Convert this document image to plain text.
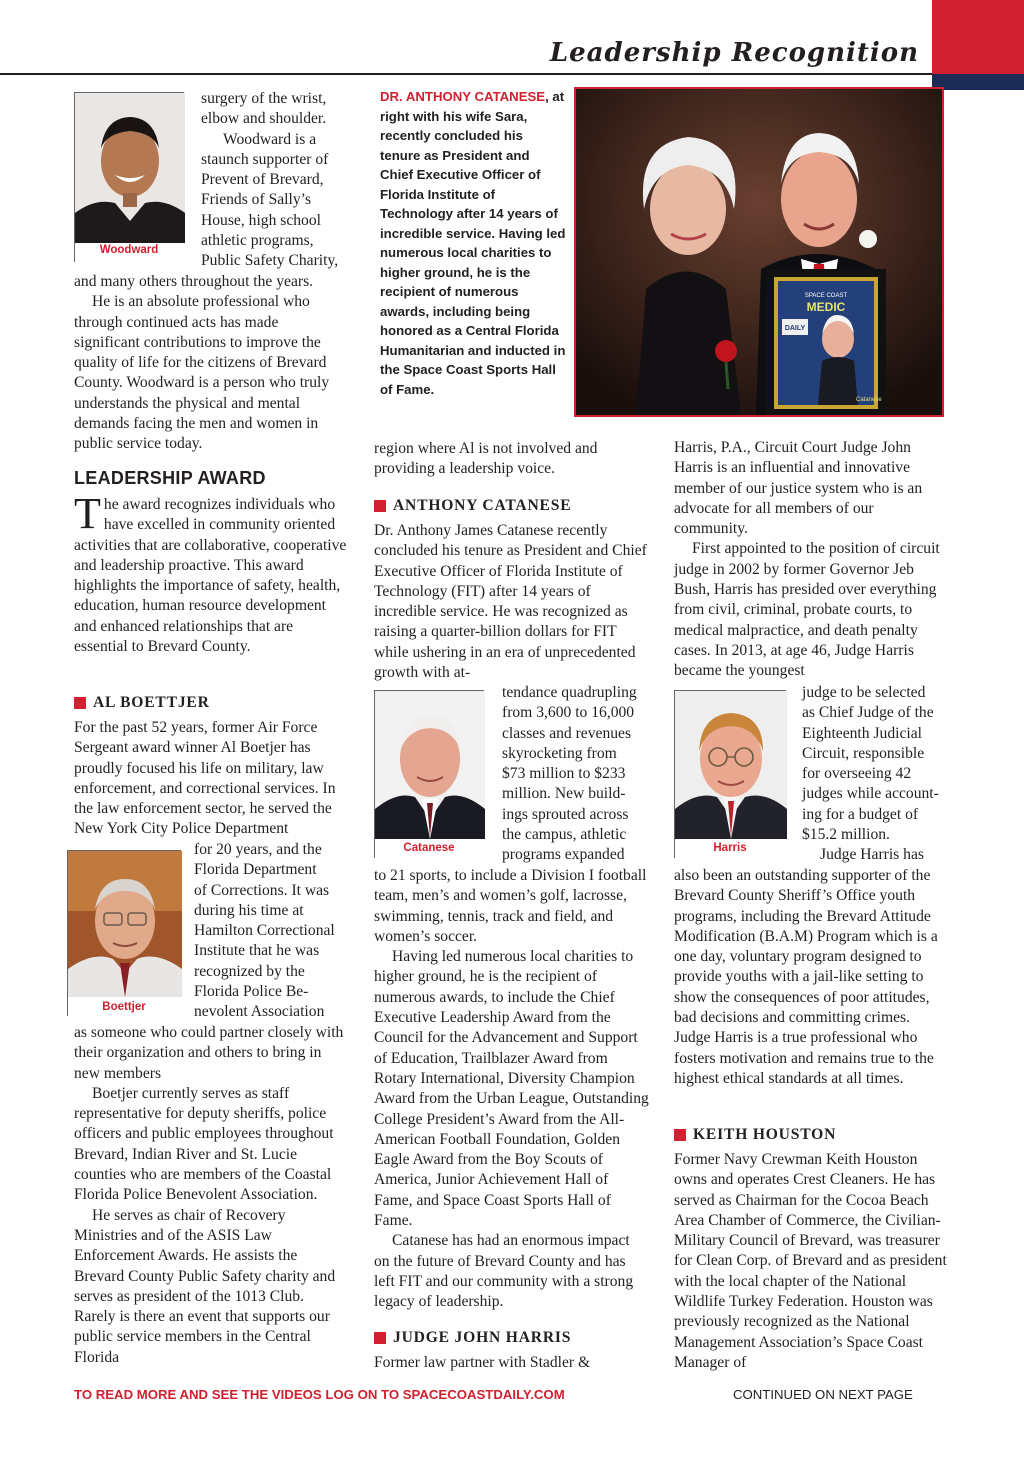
Leadership Recognition
Woodward

surgery of the wrist,

elbow and shoulder.

Woodward is a

staunch supporter of

Prevent of Brevard,

Friends of Sally’s

House, high school

athletic programs,

Public Safety Charity,

and many others throughout the years.

He is an absolute professional who through continued acts has made significant contributions to improve the quality of life for the citizens of Brevard County. Woodward is a person who truly understands the physical and mental demands facing the men and women in public service today.

LEADERSHIP AWARD
T he award recognizes individuals who have excelled in community oriented activities that are collaborative, cooperative and leadership proactive. This award highlights the importance of safety, health, education, human resource development and enhanced relationships that are essential to Brevard County.
AL BOETTJER

For the past 52 years, former Air Force Sergeant award winner Al Boetjer has proudly focused his life on military, law enforcement, and correctional services. In the law enforcement sector, he served the New York City Police Department

Boettjer

for 20 years, and the

Florida Department

of Corrections. It was

during his time at

Hamilton Correctional

Institute that he was

recognized by the

Florida Police Be-

nevolent Association

as someone who could partner closely with their organization and others to bring in new members

Boetjer currently serves as staff representative for deputy sheriffs, police officers and public employees throughout Brevard, Indian River and St. Lucie counties who are members of the Coastal Florida Police Benevolent Association.

He serves as chair of Recovery Ministries and of the ASIS Law Enforcement Awards. He assists the Brevard County Public Safety charity and serves as president of the 1013 Club. Rarely is there an event that supports our public service members in the Central Florida

DR. ANTHONY CATANESE, at right with his wife Sara, recently concluded his tenure as President and Chief Executive Officer of Florida Institute of Technology after 14 years of incredible service. Having led numerous local charities to higher ground, he is the recipient of numerous awards, including being honored as a Central Florida Humanitarian and inducted in the Space Coast Sports Hall of Fame.
SPACE COAST
MEDIC
DAILY
Catanese

region where Al is not involved and providing a leadership voice.

ANTHONY CATANESE

Dr. Anthony James Catanese recently concluded his tenure as President and Chief Executive Officer of Florida Institute of Technology (FIT) after 14 years of incredible service. He was recognized as raising a quarter-billion dollars for FIT while ushering in an era of unprecedented growth with at-

Catanese

tendance quadrupling

from 3,600 to 16,000

classes and revenues

skyrocketing from

$73 million to $233

million. New build-

ings sprouted across

the campus, athletic

programs expanded

to 21 sports, to include a Division I football team, men’s and women’s golf, lacrosse, swimming, tennis, track and field, and women’s soccer.

Having led numerous local charities to higher ground, he is the recipient of numerous awards, to include the Chief Executive Leadership Award from the Council for the Advancement and Support of Education, Trailblazer Award from Rotary International, Diversity Champion Award from the Urban League, Outstanding College President’s Award from the All-American Football Foundation, Golden Eagle Award from the Boy Scouts of America, Junior Achievement Hall of Fame, and Space Coast Sports Hall of Fame.

Catanese has had an enormous impact on the future of Brevard County and has left FIT and our community with a strong legacy of leadership.

JUDGE JOHN HARRIS

Former law partner with Stadler &

Harris, P.A., Circuit Court Judge John Harris is an influential and innovative member of our justice system who is an advocate for all members of our community.

First appointed to the position of circuit judge in 2002 by former Governor Jeb Bush, Harris has presided over everything from civil, criminal, probate courts, to medical malpractice, and death penalty cases. In 2013, at age 46, Judge Harris became the youngest

Harris

judge to be selected

as Chief Judge of the

Eighteenth Judicial

Circuit, responsible

for overseeing 42

judges while account-

ing for a budget of

$15.2 million.

Judge Harris has

also been an outstanding supporter of the Brevard County Sheriff’s Office youth programs, including the Brevard Attitude Modification (B.A.M) Program which is a one day, voluntary program designed to provide youths with a jail-like setting to show the consequences of poor attitudes, bad decisions and committing crimes. Judge Harris is a true professional who fosters motivation and remains true to the highest ethical standards at all times.

KEITH HOUSTON

Former Navy Crewman Keith Houston owns and operates Crest Cleaners. He has served as Chairman for the Cocoa Beach Area Chamber of Commerce, the Civilian-Military Council of Brevard, was treasurer for Clean Corp. of Brevard and as president with the local chapter of the National Wildlife Turkey Federation. Houston was previously recognized as the National Management Association’s Space Coast Manager of

TO READ MORE AND SEE THE VIDEOS LOG ON TO SPACECOASTDAILY.COM	CONTINUED ON NEXT PAGE
